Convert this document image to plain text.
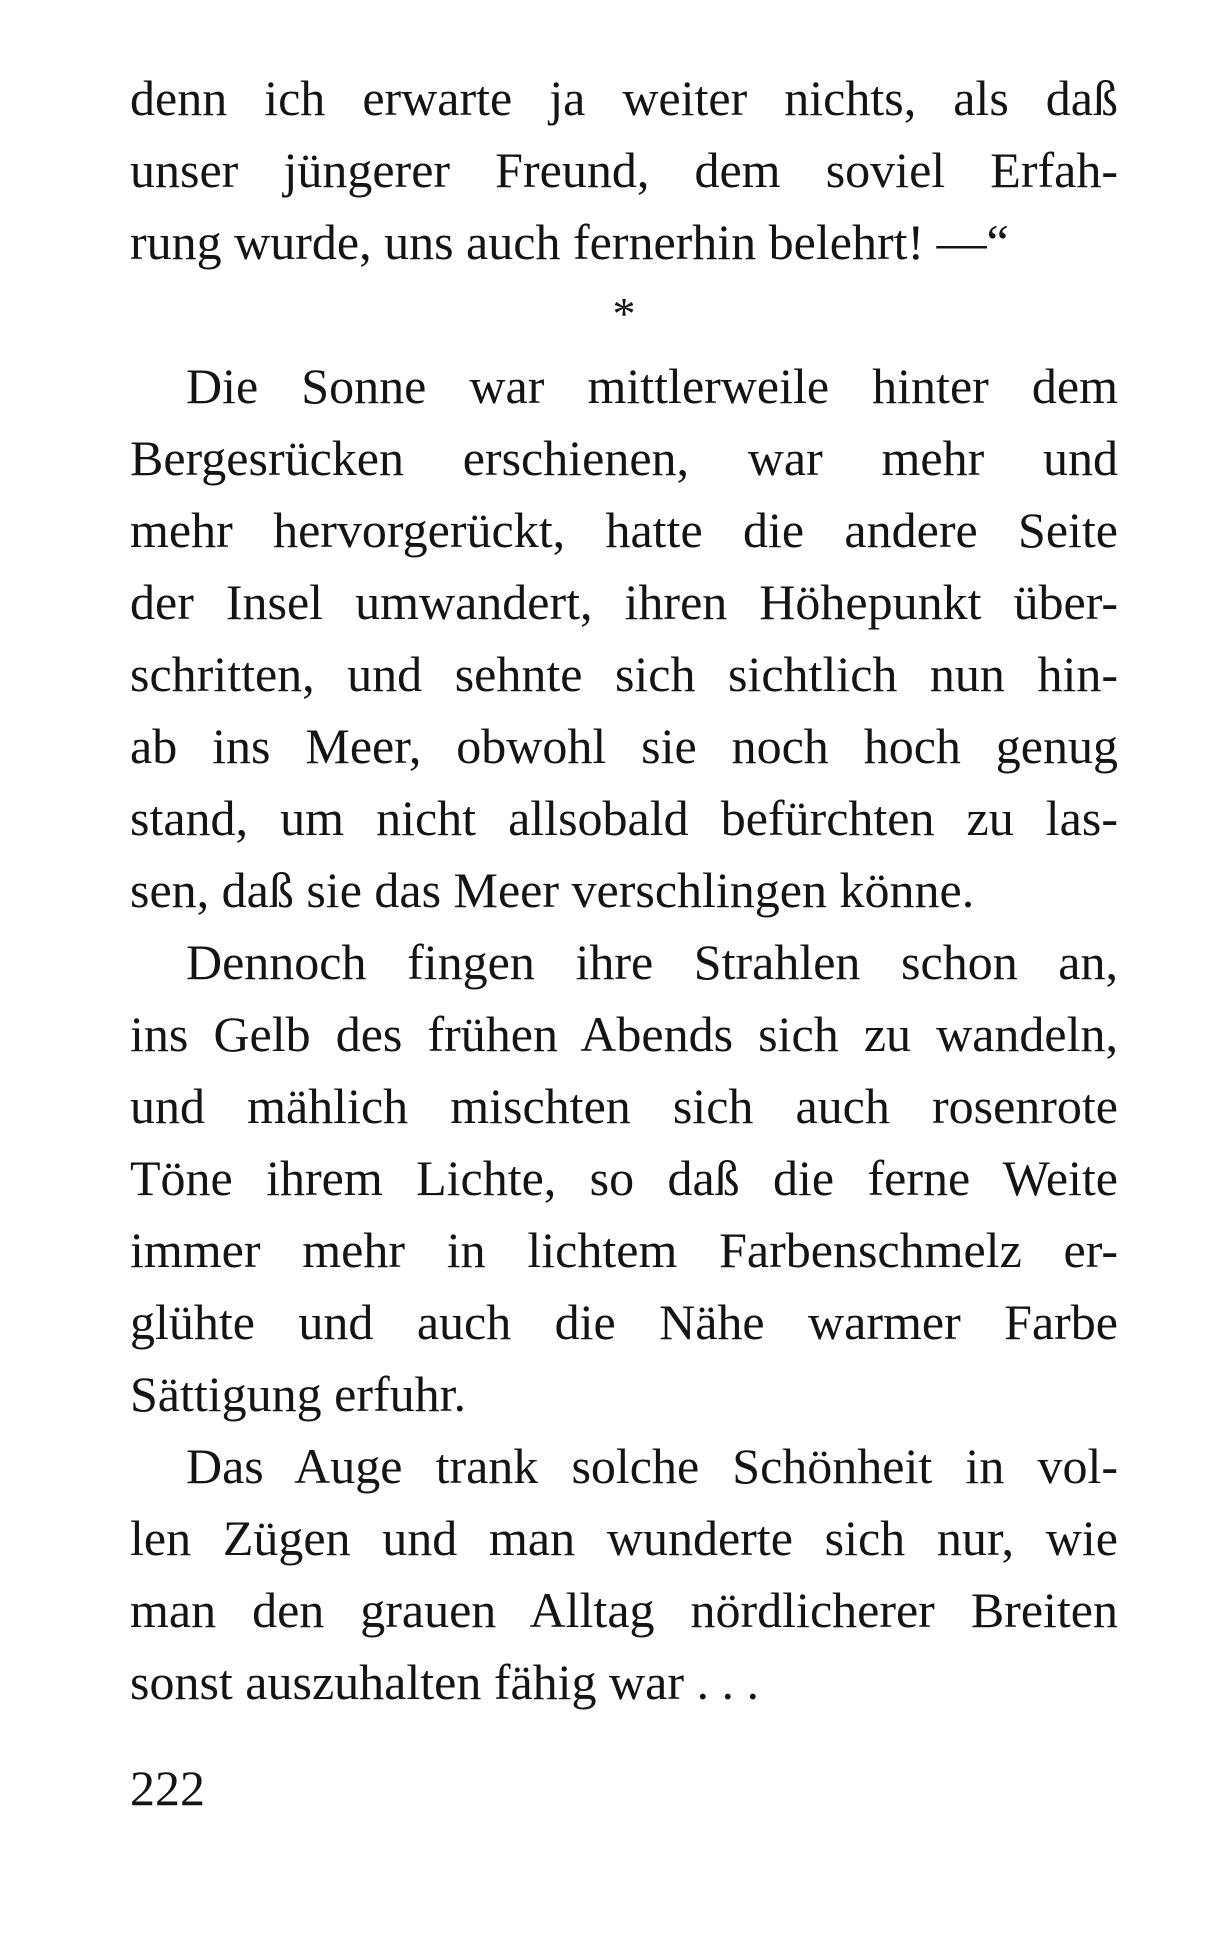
denn ich erwarte ja weiter nichts, als daß
unser jüngerer Freund, dem soviel Erfah-
rung wurde, uns auch fernerhin belehrt! —“
*
Die Sonne war mittlerweile hinter dem
Bergesrücken erschienen, war mehr und
mehr hervorgerückt, hatte die andere Seite
der Insel umwandert, ihren Höhepunkt über-
schritten, und sehnte sich sichtlich nun hin-
ab ins Meer, obwohl sie noch hoch genug
stand, um nicht allsobald befürchten zu las-
sen, daß sie das Meer verschlingen könne.
Dennoch fingen ihre Strahlen schon an,
ins Gelb des frühen Abends sich zu wandeln,
und mählich mischten sich auch rosenrote
Töne ihrem Lichte, so daß die ferne Weite
immer mehr in lichtem Farbenschmelz er-
glühte und auch die Nähe warmer Farbe
Sättigung erfuhr.
Das Auge trank solche Schönheit in vol-
len Zügen und man wunderte sich nur, wie
man den grauen Alltag nördlicherer Breiten
sonst auszuhalten fähig war . . .
222
